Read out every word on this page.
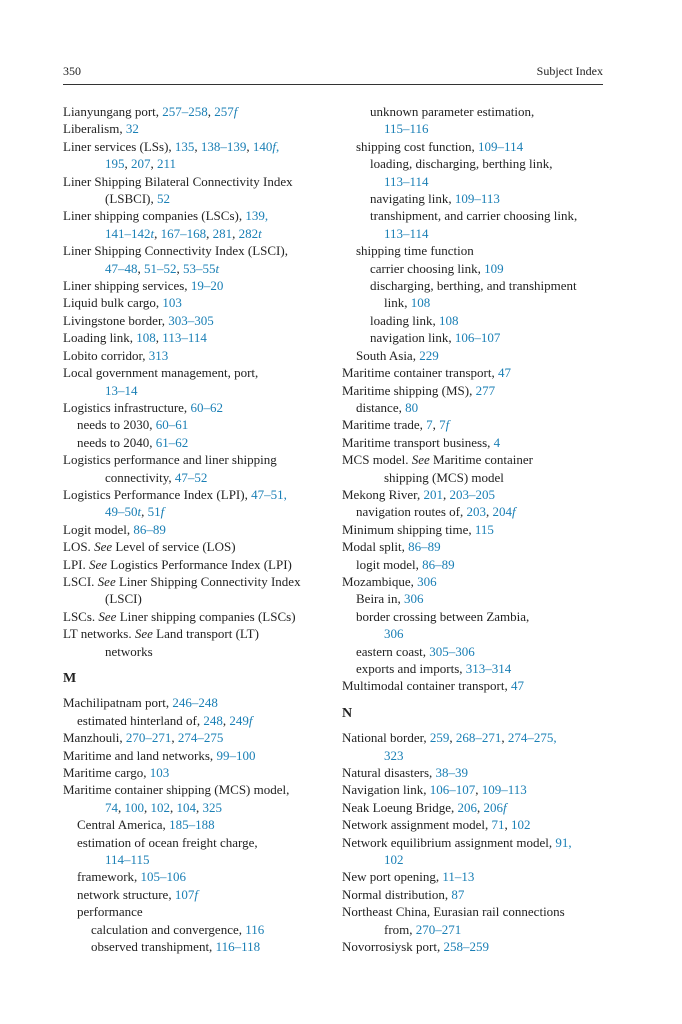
350	Subject Index
Lianyungang port, 257–258, 257f
Liberalism, 32
Liner services (LSs), 135, 138–139, 140f,
195, 207, 211
Liner Shipping Bilateral Connectivity Index
(LSBCI), 52
Liner shipping companies (LSCs), 139,
141–142t, 167–168, 281, 282t
Liner Shipping Connectivity Index (LSCI),
47–48, 51–52, 53–55t
Liner shipping services, 19–20
Liquid bulk cargo, 103
Livingstone border, 303–305
Loading link, 108, 113–114
Lobito corridor, 313
Local government management, port,
13–14
Logistics infrastructure, 60–62
needs to 2030, 60–61
needs to 2040, 61–62
Logistics performance and liner shipping
connectivity, 47–52
Logistics Performance Index (LPI), 47–51,
49–50t, 51f
Logit model, 86–89
LOS. See Level of service (LOS)
LPI. See Logistics Performance Index (LPI)
LSCI. See Liner Shipping Connectivity Index
(LSCI)
LSCs. See Liner shipping companies (LSCs)
LT networks. See Land transport (LT)
networks
M
Machilipatnam port, 246–248
estimated hinterland of, 248, 249f
Manzhouli, 270–271, 274–275
Maritime and land networks, 99–100
Maritime cargo, 103
Maritime container shipping (MCS) model,
74, 100, 102, 104, 325
Central America, 185–188
estimation of ocean freight charge,
114–115
framework, 105–106
network structure, 107f
performance
calculation and convergence, 116
observed transhipment, 116–118
unknown parameter estimation,
115–116
shipping cost function, 109–114
loading, discharging, berthing link,
113–114
navigating link, 109–113
transhipment, and carrier choosing link,
113–114
shipping time function
carrier choosing link, 109
discharging, berthing, and transhipment
link, 108
loading link, 108
navigation link, 106–107
South Asia, 229
Maritime container transport, 47
Maritime shipping (MS), 277
distance, 80
Maritime trade, 7, 7f
Maritime transport business, 4
MCS model. See Maritime container
shipping (MCS) model
Mekong River, 201, 203–205
navigation routes of, 203, 204f
Minimum shipping time, 115
Modal split, 86–89
logit model, 86–89
Mozambique, 306
Beira in, 306
border crossing between Zambia,
306
eastern coast, 305–306
exports and imports, 313–314
Multimodal container transport, 47
N
National border, 259, 268–271, 274–275,
323
Natural disasters, 38–39
Navigation link, 106–107, 109–113
Neak Loeung Bridge, 206, 206f
Network assignment model, 71, 102
Network equilibrium assignment model, 91,
102
New port opening, 11–13
Normal distribution, 87
Northeast China, Eurasian rail connections
from, 270–271
Novorrosiysk port, 258–259
